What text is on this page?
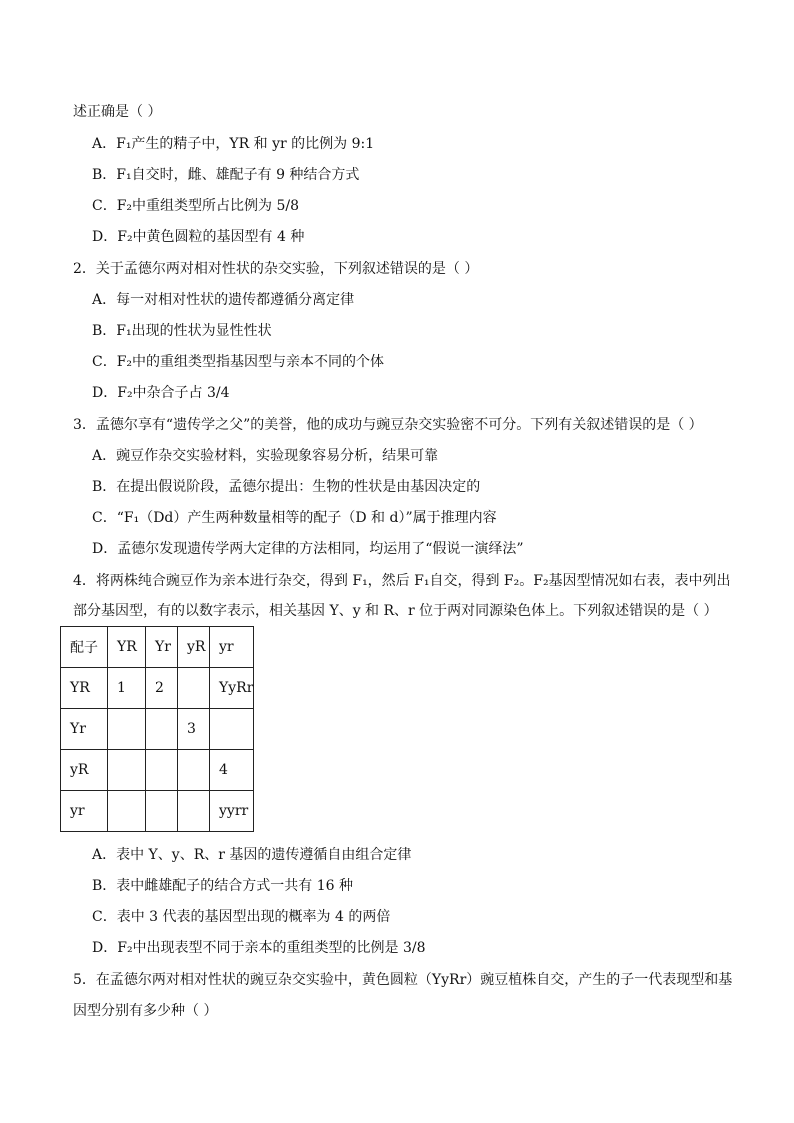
述正确是（ ）
A．F₁产生的精子中，YR 和 yr 的比例为 9:1
B．F₁自交时，雌、雄配子有 9 种结合方式
C．F₂中重组类型所占比例为 5/8
D．F₂中黄色圆粒的基因型有 4 种
2．关于孟德尔两对相对性状的杂交实验，下列叙述错误的是（ ）
A．每一对相对性状的遗传都遵循分离定律
B．F₁出现的性状为显性性状
C．F₂中的重组类型指基因型与亲本不同的个体
D．F₂中杂合子占 3/4
3．孟德尔享有“遗传学之父”的美誉，他的成功与豌豆杂交实验密不可分。下列有关叙述错误的是（ ）
A．豌豆作杂交实验材料，实验现象容易分析，结果可靠
B．在提出假说阶段，孟德尔提出：生物的性状是由基因决定的
C．“F₁（Dd）产生两种数量相等的配子（D 和 d）”属于推理内容
D．孟德尔发现遗传学两大定律的方法相同，均运用了“假说一演绎法”
4．将两株纯合豌豆作为亲本进行杂交，得到 F₁，然后 F₁自交，得到 F₂。F₂基因型情况如右表，表中列出
部分基因型，有的以数字表示，相关基因 Y、y 和 R、r 位于两对同源染色体上。下列叙述错误的是（ ）
配子	YR	Yr	yR	yr
YR	1	2		YyRr
Yr			3	
yR				4
yr				yyrr
A．表中 Y、y、R、r 基因的遗传遵循自由组合定律
B．表中雌雄配子的结合方式一共有 16 种
C．表中 3 代表的基因型出现的概率为 4 的两倍
D．F₂中出现表型不同于亲本的重组类型的比例是 3/8
5．在孟德尔两对相对性状的豌豆杂交实验中，黄色圆粒（YyRr）豌豆植株自交，产生的子一代表现型和基
因型分别有多少种（ ）
